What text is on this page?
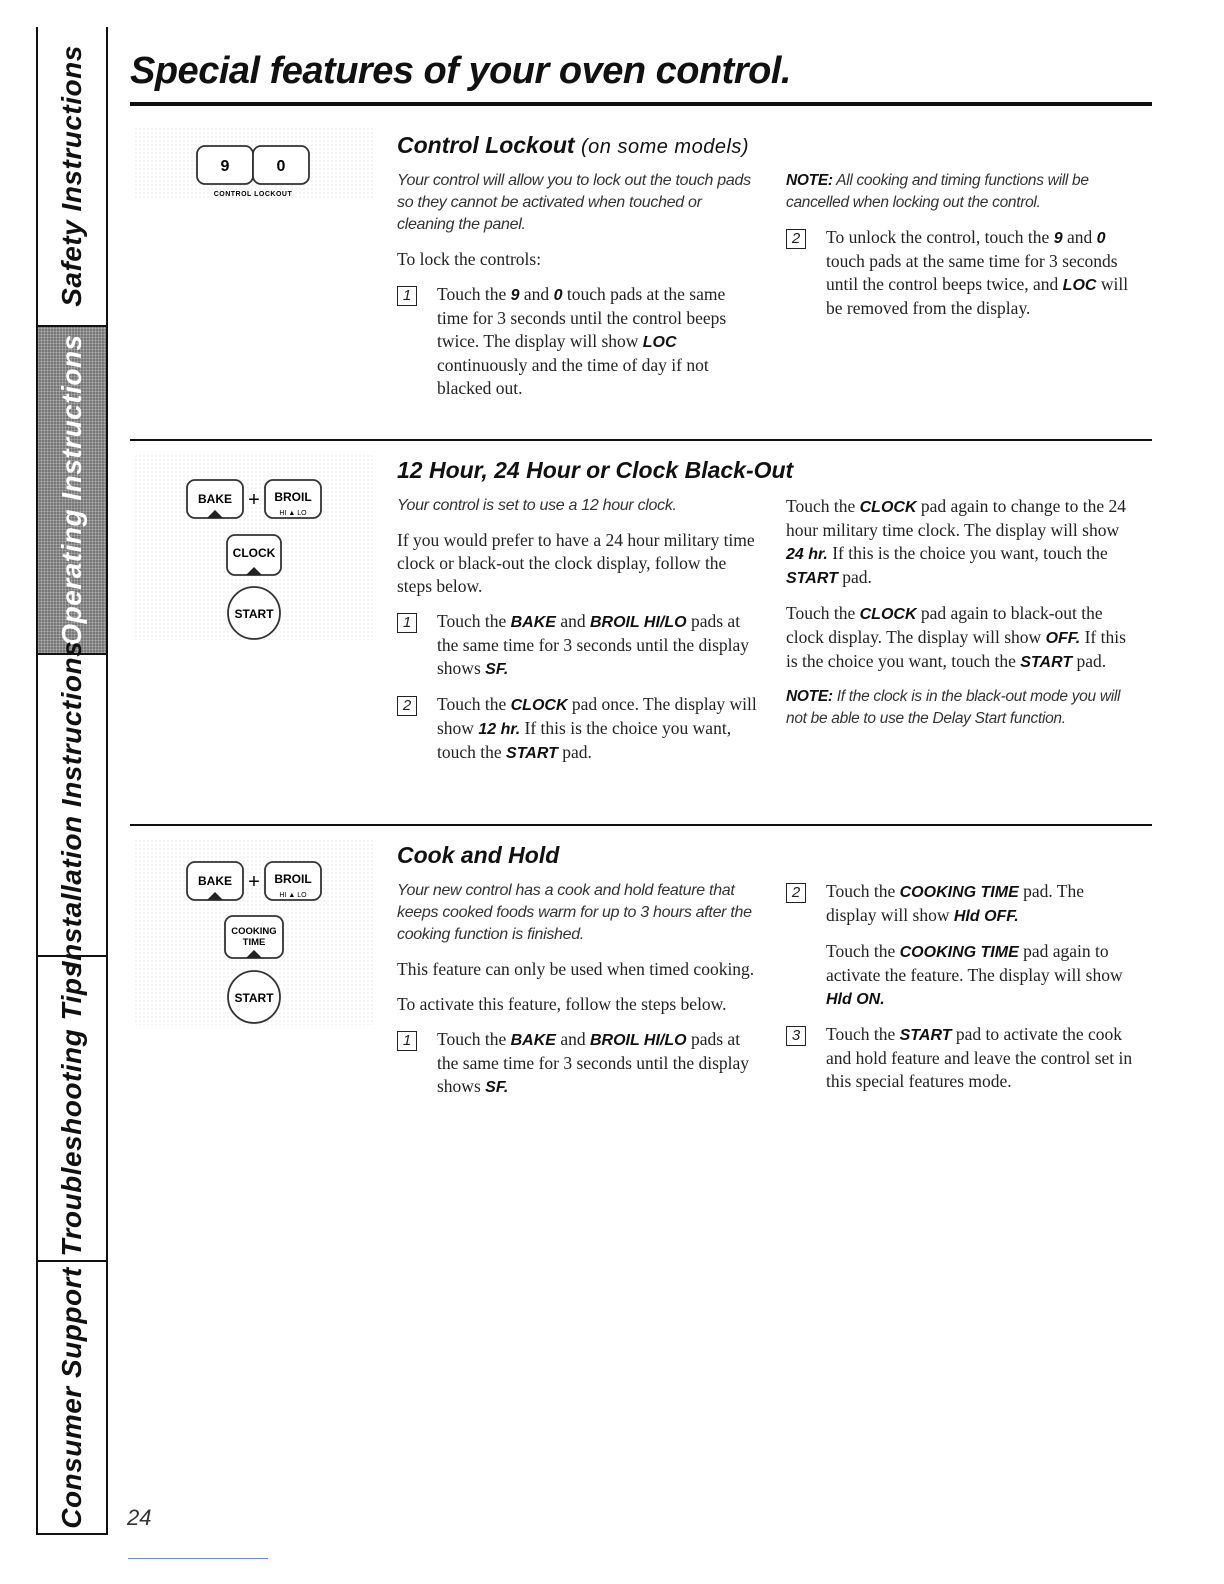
Safety Instructions
Operating Instructions
Installation Instructions
Troubleshooting Tips
Consumer Support
Special features of your oven control.
9	0
CONTROL LOCKOUT
Control Lockout (on some models)

Your control will allow you to lock out the touch pads so they cannot be activated when touched or cleaning the panel.

To lock the controls:

1	Touch the 9 and 0 touch pads at the same time for 3 seconds until the control beeps twice. The display will show LOC continuously and the time of day if not blacked out.

NOTE: All cooking and timing functions will be cancelled when locking out the control.

2	To unlock the control, touch the 9 and 0 touch pads at the same time for 3 seconds until the control beeps twice, and LOC will be removed from the display.
BAKE + BROIL
HI ▲ LO
CLOCK
START
12 Hour, 24 Hour or Clock Black-Out

Your control is set to use a 12 hour clock.

If you would prefer to have a 24 hour military time clock or black-out the clock display, follow the steps below.

1	Touch the BAKE and BROIL HI/LO pads at the same time for 3 seconds until the display shows SF.
2	Touch the CLOCK pad once. The display will show 12 hr. If this is the choice you want, touch the START pad.

Touch the CLOCK pad again to change to the 24 hour military time clock. The display will show 24 hr. If this is the choice you want, touch the START pad.

Touch the CLOCK pad again to black-out the clock display. The display will show OFF. If this is the choice you want, touch the START pad.

NOTE: If the clock is in the black-out mode you will not be able to use the Delay Start function.

BAKE + BROIL
HI ▲ LO
COOKING
TIME
START
Cook and Hold

Your new control has a cook and hold feature that keeps cooked foods warm for up to 3 hours after the cooking function is finished.

This feature can only be used when timed cooking.

To activate this feature, follow the steps below.

1	Touch the BAKE and BROIL HI/LO pads at the same time for 3 seconds until the display shows SF.
2	Touch the COOKING TIME pad. The display will show Hld OFF.

Touch the COOKING TIME pad again to activate the feature. The display will show Hld ON.

3	Touch the START pad to activate the cook and hold feature and leave the control set in this special features mode.
24
